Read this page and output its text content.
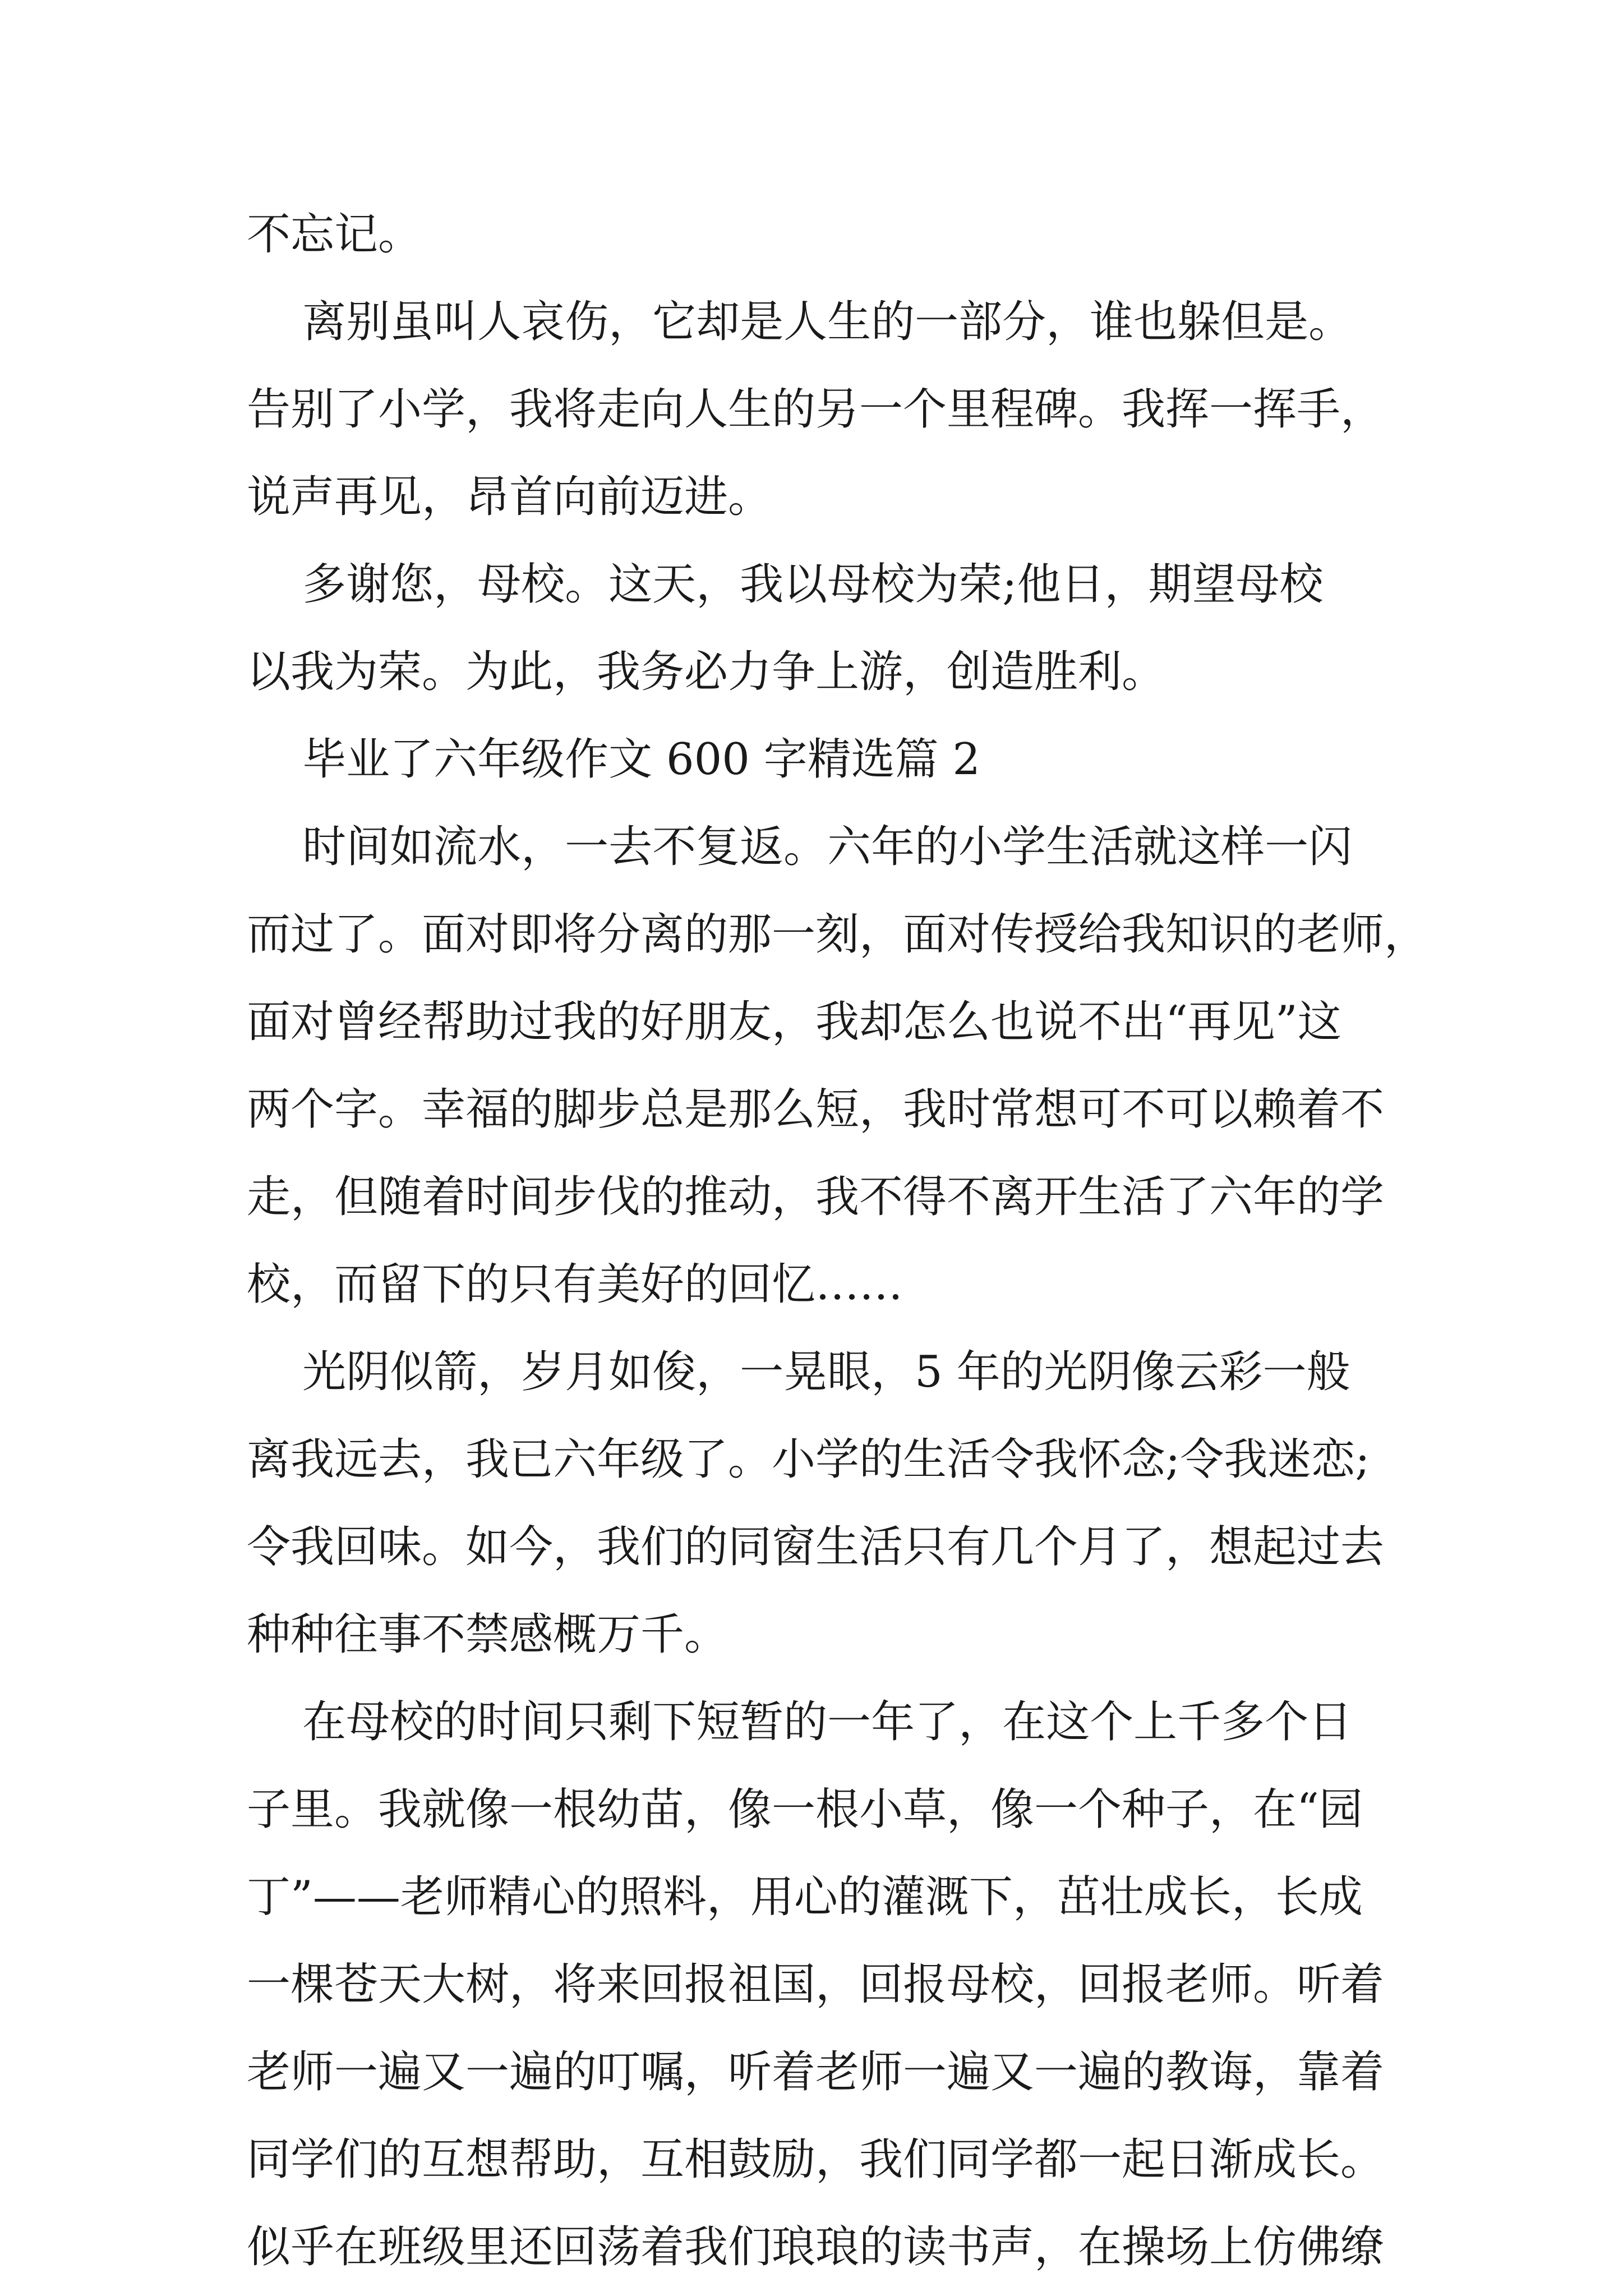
不忘记。
离别虽叫人哀伤，它却是人生的一部分，谁也躲但是。
告别了小学，我将走向人生的另一个里程碑。我挥一挥手，
说声再见，昂首向前迈进。
多谢您，母校。这天，我以母校为荣;他日，期望母校
以我为荣。为此，我务必力争上游，创造胜利。
毕业了六年级作文 600 字精选篇 2
时间如流水，一去不复返。六年的小学生活就这样一闪
而过了。面对即将分离的那一刻，面对传授给我知识的老师，
面对曾经帮助过我的好朋友，我却怎么也说不出“再见”这
两个字。幸福的脚步总是那么短，我时常想可不可以赖着不
走，但随着时间步伐的推动，我不得不离开生活了六年的学
校，而留下的只有美好的回忆……
光阴似箭，岁月如俊，一晃眼，5 年的光阴像云彩一般
离我远去，我已六年级了。小学的生活令我怀念;令我迷恋;
令我回味。如今，我们的同窗生活只有几个月了，想起过去
种种往事不禁感概万千。
在母校的时间只剩下短暂的一年了，在这个上千多个日
子里。我就像一根幼苗，像一根小草，像一个种子，在“园
丁”——老师精心的照料，用心的灌溉下，茁壮成长，长成
一棵苍天大树，将来回报祖国，回报母校，回报老师。听着
老师一遍又一遍的叮嘱，听着老师一遍又一遍的教诲，靠着
同学们的互想帮助，互相鼓励，我们同学都一起日渐成长。
似乎在班级里还回荡着我们琅琅的读书声，在操场上仿佛缭
